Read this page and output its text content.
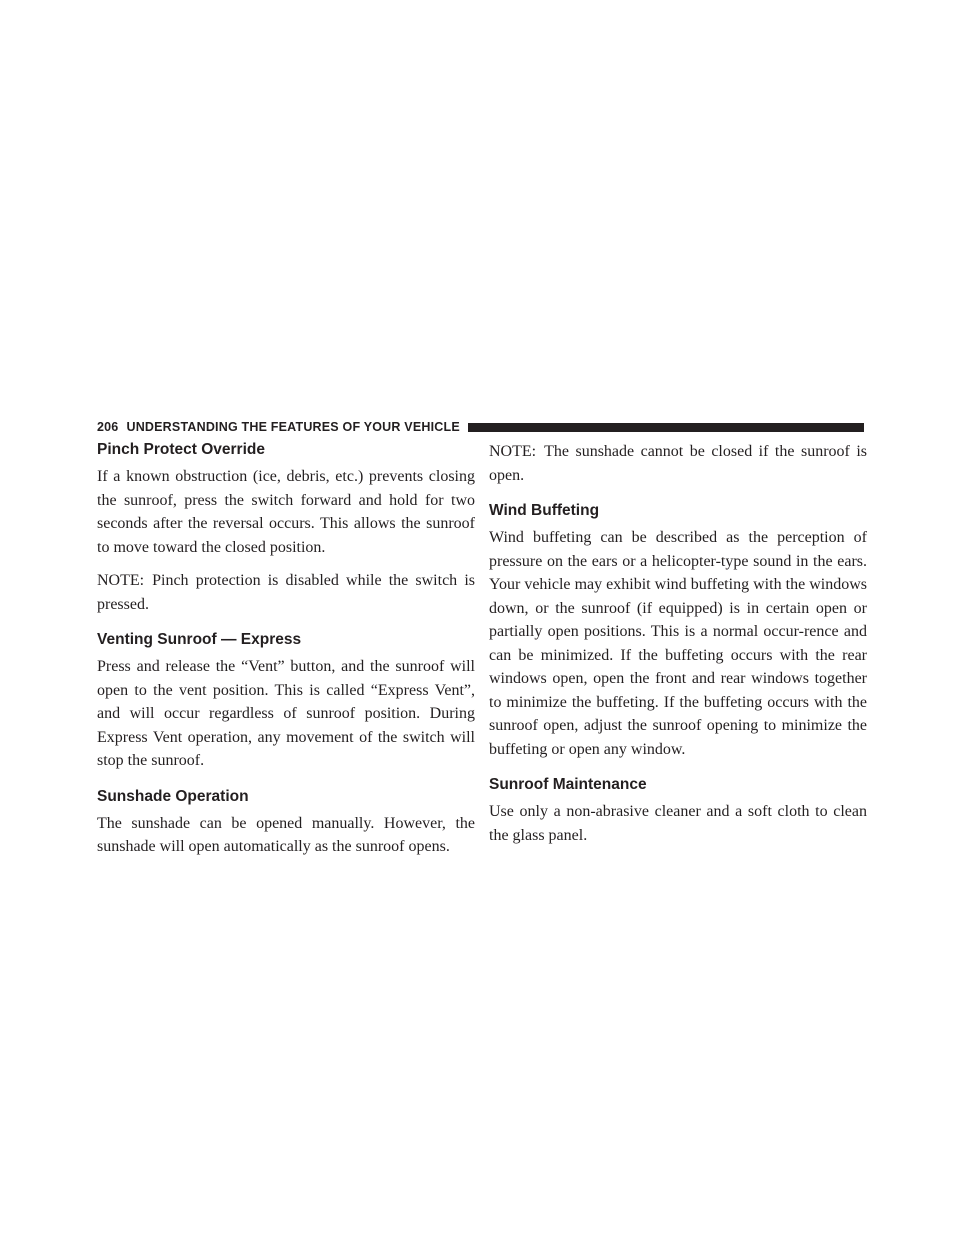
206 UNDERSTANDING THE FEATURES OF YOUR VEHICLE
Pinch Protect Override

If a known obstruction (ice, debris, etc.) prevents closing the sunroof, press the switch forward and hold for two seconds after the reversal occurs. This allows the sunroof to move toward the closed position.

NOTE: Pinch protection is disabled while the switch is pressed.

Venting Sunroof — Express

Press and release the “Vent” button, and the sunroof will open to the vent position. This is called “Express Vent”, and will occur regardless of sunroof position. During Express Vent operation, any movement of the switch will stop the sunroof.

Sunshade Operation

The sunshade can be opened manually. However, the sunshade will open automatically as the sunroof opens.

NOTE: The sunshade cannot be closed if the sunroof is open.

Wind Buffeting

Wind buffeting can be described as the perception of pressure on the ears or a helicopter-type sound in the ears. Your vehicle may exhibit wind buffeting with the windows down, or the sunroof (if equipped) is in certain open or partially open positions. This is a normal occur-rence and can be minimized. If the buffeting occurs with the rear windows open, open the front and rear windows together to minimize the buffeting. If the buffeting occurs with the sunroof open, adjust the sunroof opening to minimize the buffeting or open any window.

Sunroof Maintenance

Use only a non-abrasive cleaner and a soft cloth to clean the glass panel.
